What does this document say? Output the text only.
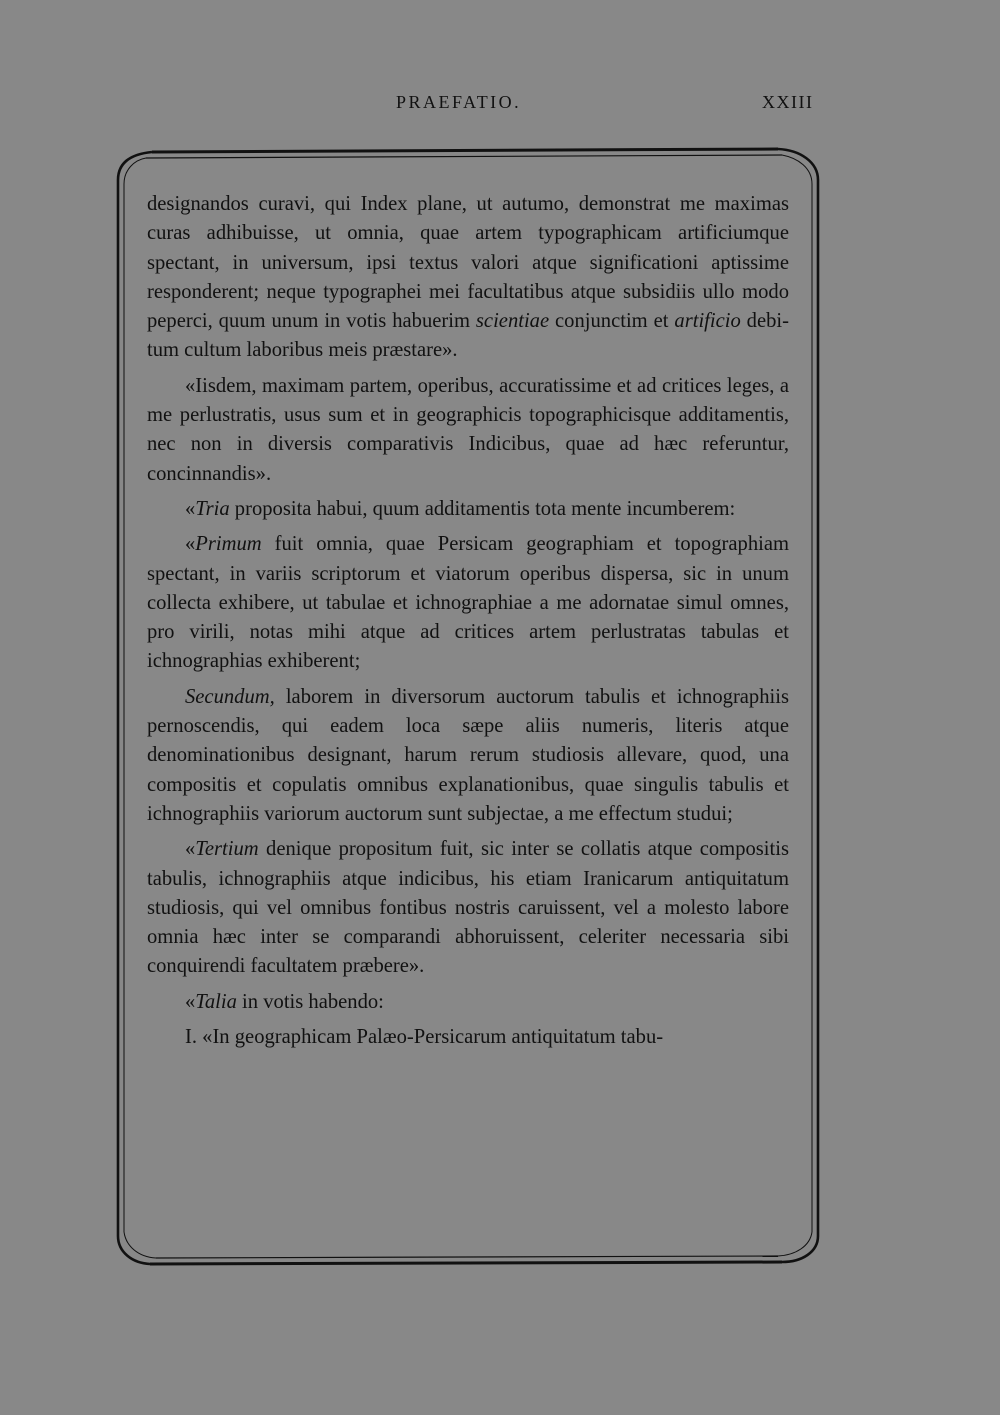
PRAEFATIO.	XXIII

designandos curavi, qui Index plane, ut autumo, demonstrat me maximas curas adhibuisse, ut omnia, quae artem typographicam artificiumque spectant, in universum, ipsi textus valori atque significationi aptissime responderent; neque typographei mei facultatibus atque subsidiis ullo modo peperci, quum unum in votis habuerim scientiae conjunctim et artificio debitum cultum laboribus meis præstare».

«Iisdem, maximam partem, operibus, accuratissime et ad critices leges, a me perlustratis, usus sum et in geographicis topographicisque additamentis, nec non in diversis comparativis Indicibus, quae ad hæc referuntur, concinnandis».

«Tria proposita habui, quum additamentis tota mente incumberem:

«Primum fuit omnia, quae Persicam geographiam et topographiam spectant, in variis scriptorum et viatorum operibus dispersa, sic in unum collecta exhibere, ut tabulae et ichnographiae a me adornatae simul omnes, pro virili, notas mihi atque ad critices artem perlustratas tabulas et ichnographias exhiberent;

Secundum, laborem in diversorum auctorum tabulis et ichnographiis pernoscendis, qui eadem loca sæpe aliis numeris, literis atque denominationibus designant, harum rerum studiosis allevare, quod, una compositis et copulatis omnibus explanationibus, quae singulis tabulis et ichnographiis variorum auctorum sunt subjectae, a me effectum studui;

«Tertium denique propositum fuit, sic inter se collatis atque compositis tabulis, ichnographiis atque indicibus, his etiam Iranicarum antiquitatum studiosis, qui vel omnibus fontibus nostris caruissent, vel a molesto labore omnia hæc inter se comparandi abhoruissent, celeriter necessaria sibi conquirendi facultatem præbere».

«Talia in votis habendo:

I. «In geographicam Palæo-Persicarum antiquitatum tabu-
